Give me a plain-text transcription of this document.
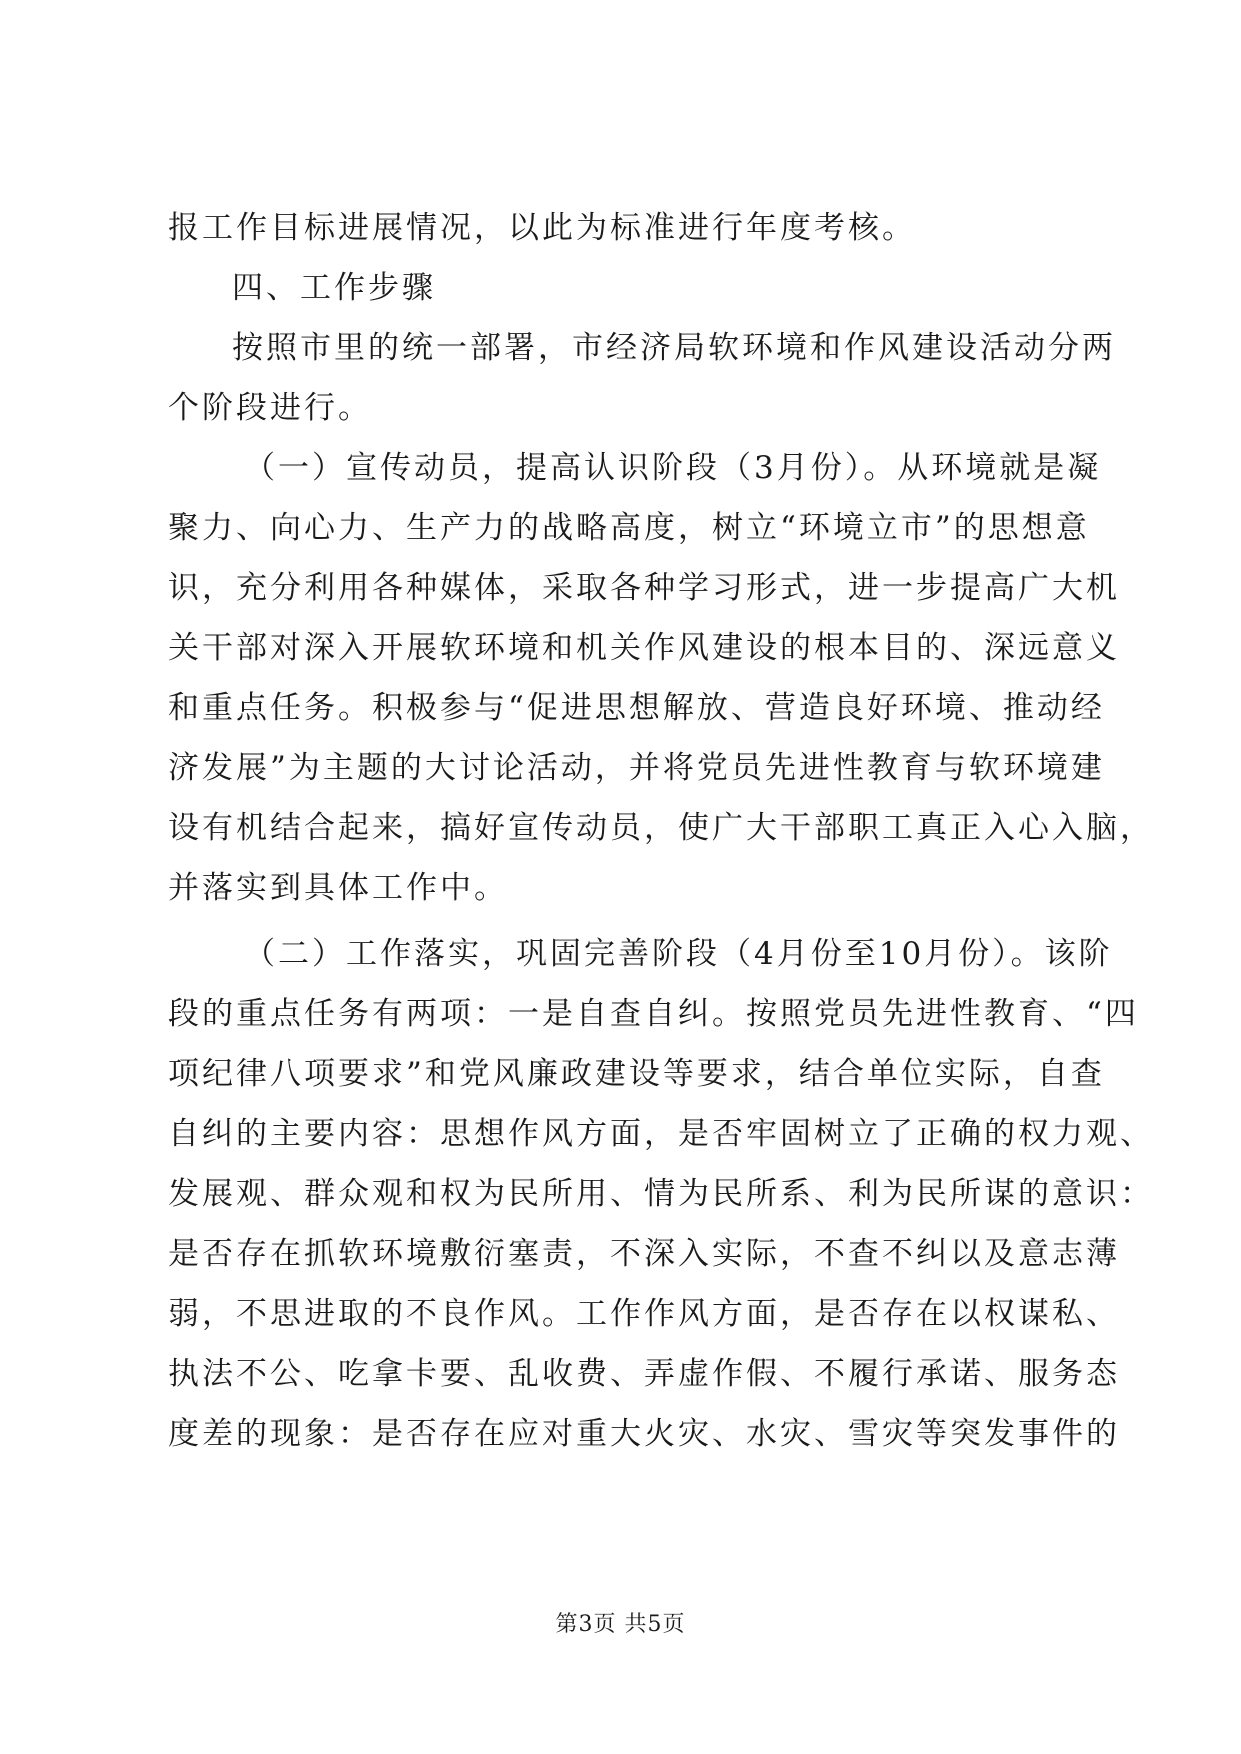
报工作目标进展情况，以此为标准进行年度考核。
四、工作步骤
按照市里的统一部署，市经济局软环境和作风建设活动分两
个阶段进行。
（一）宣传动员，提高认识阶段（3月份）。从环境就是凝
聚力、向心力、生产力的战略高度，树立“环境立市”的思想意
识，充分利用各种媒体，采取各种学习形式，进一步提高广大机
关干部对深入开展软环境和机关作风建设的根本目的、深远意义
和重点任务。积极参与“促进思想解放、营造良好环境、推动经
济发展”为主题的大讨论活动，并将党员先进性教育与软环境建
设有机结合起来，搞好宣传动员，使广大干部职工真正入心入脑，
并落实到具体工作中。
（二）工作落实，巩固完善阶段（4月份至10月份）。该阶
段的重点任务有两项：一是自查自纠。按照党员先进性教育、“四
项纪律八项要求”和党风廉政建设等要求，结合单位实际，自查
自纠的主要内容：思想作风方面，是否牢固树立了正确的权力观、
发展观、群众观和权为民所用、情为民所系、利为民所谋的意识：
是否存在抓软环境敷衍塞责，不深入实际，不查不纠以及意志薄
弱，不思进取的不良作风。工作作风方面，是否存在以权谋私、
执法不公、吃拿卡要、乱收费、弄虚作假、不履行承诺、服务态
度差的现象：是否存在应对重大火灾、水灾、雪灾等突发事件的
第3页 共5页
